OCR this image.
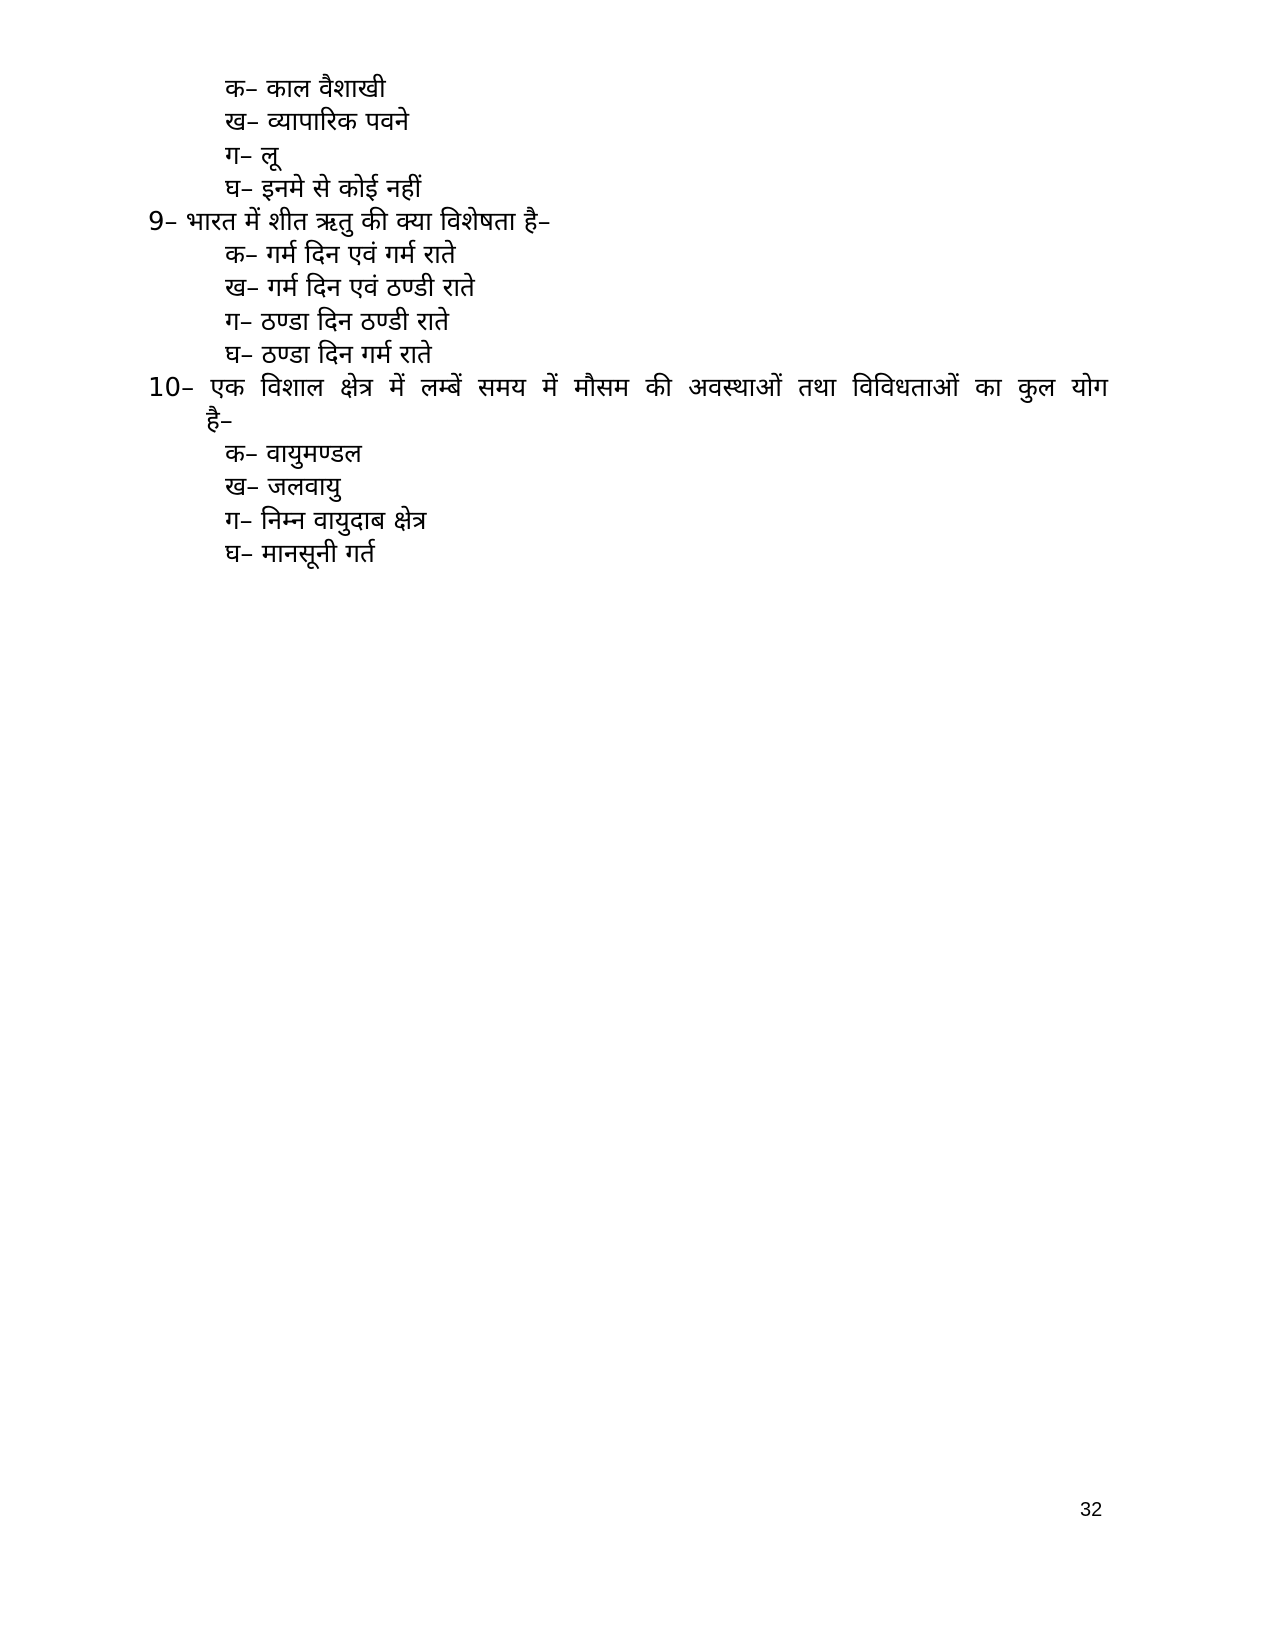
क– काल वैशाखी
ख– व्यापारिक पवने
ग– लू
घ– इनमे से कोई नहीं
9– भारत में शीत ऋतु की क्या विशेषता है–
क– गर्म दिन एवं गर्म राते
ख– गर्म दिन एवं ठण्डी राते
ग– ठण्डा दिन ठण्डी राते
घ– ठण्डा दिन गर्म राते
10– एक विशाल क्षेत्र में लम्बें समय में मौसम की अवस्थाओं तथा विविधताओं का कुल योग
है–
क– वायुमण्डल
ख– जलवायु
ग– निम्न वायुदाब क्षेत्र
घ– मानसूनी गर्त
32
